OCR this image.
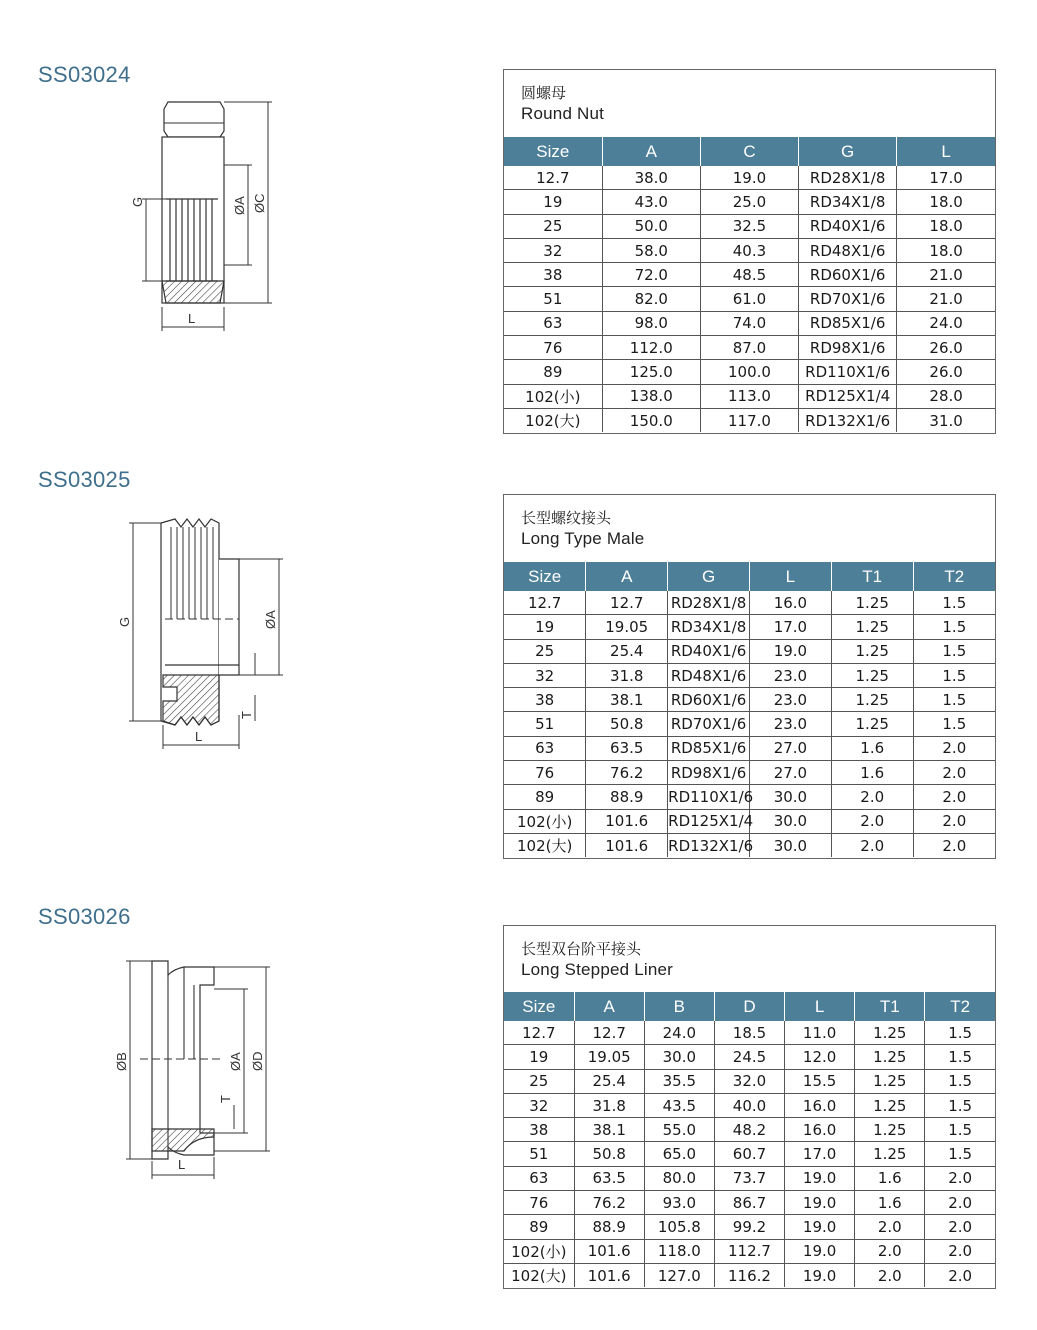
SS03024
G	ØA ØC
L
圆螺母
Round Nut
Size	A	C	G	L
12.7	38.0	19.0	RD28X1/8	17.0
19	43.0	25.0	RD34X1/8	18.0
25	50.0	32.5	RD40X1/6	18.0
32	58.0	40.3	RD48X1/6	18.0
38	72.0	48.5	RD60X1/6	21.0
51	82.0	61.0	RD70X1/6	21.0
63	98.0	74.0	RD85X1/6	24.0
76	112.0	87.0	RD98X1/6	26.0
89	125.0	100.0	RD110X1/6	26.0
102(小)	138.0	113.0	RD125X1/4	28.0
102(大)	150.0	117.0	RD132X1/6	31.0
SS03025
G	ØA
T
L
长型螺纹接头
Long Type Male
Size	A	G	L	T1	T2
12.7	12.7	RD28X1/8	16.0	1.25	1.5
19	19.05	RD34X1/8	17.0	1.25	1.5
25	25.4	RD40X1/6	19.0	1.25	1.5
32	31.8	RD48X1/6	23.0	1.25	1.5
38	38.1	RD60X1/6	23.0	1.25	1.5
51	50.8	RD70X1/6	23.0	1.25	1.5
63	63.5	RD85X1/6	27.0	1.6	2.0
76	76.2	RD98X1/6	27.0	1.6	2.0
89	88.9	RD110X1/6	30.0	2.0	2.0
102(小)	101.6	RD125X1/4	30.0	2.0	2.0
102(大)	101.6	RD132X1/6	30.0	2.0	2.0
SS03026
ØB	ØA ØD
T
L
长型双台阶平接头
Long Stepped Liner
Size	A	B	D	L	T1	T2
12.7	12.7	24.0	18.5	11.0	1.25	1.5
19	19.05	30.0	24.5	12.0	1.25	1.5
25	25.4	35.5	32.0	15.5	1.25	1.5
32	31.8	43.5	40.0	16.0	1.25	1.5
38	38.1	55.0	48.2	16.0	1.25	1.5
51	50.8	65.0	60.7	17.0	1.25	1.5
63	63.5	80.0	73.7	19.0	1.6	2.0
76	76.2	93.0	86.7	19.0	1.6	2.0
89	88.9	105.8	99.2	19.0	2.0	2.0
102(小)	101.6	118.0	112.7	19.0	2.0	2.0
102(大)	101.6	127.0	116.2	19.0	2.0	2.0
